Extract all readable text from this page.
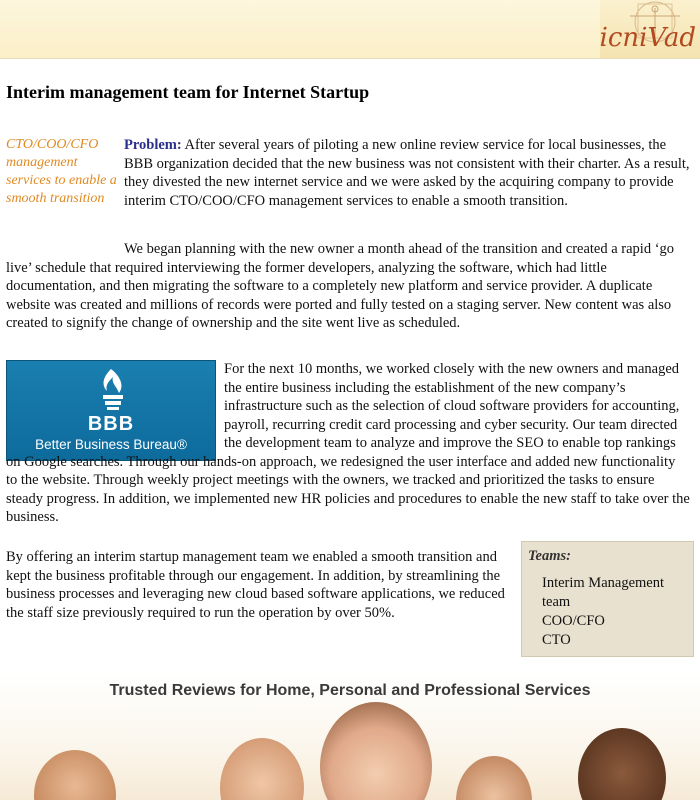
icniVad
Interim management team for Internet Startup
CTO/COO/CFO management services to enable a smooth transition

Problem: After several years of piloting a new online review service for local businesses, the BBB organization decided that the new business was not consistent with their charter. As a result, they divested the new internet service and we were asked by the acquiring company to provide interim CTO/COO/CFO management services to enable a smooth transition.

We began planning with the new owner a month ahead of the transition and created a rapid ‘go live’ schedule that required interviewing the former developers, analyzing the software, which had little documentation, and then migrating the software to a completely new platform and service provider. A duplicate website was created and millions of records were ported and fully tested on a staging server. New content was also created to signify the change of ownership and the site went live as scheduled.

BBB
Better Business Bureau®
For the next 10 months, we worked closely with the new owners and managed the entire business including the establishment of the new company’s infrastructure such as the selection of cloud software providers for accounting, payroll, recurring credit card processing and cyber security. Our team directed the development team to analyze and improve the SEO to enable top rankings on Google searches. Through our hands-on approach, we redesigned the user interface and added new functionality to the website. Through weekly project meetings with the owners, we tracked and prioritized the tasks to ensure steady progress. In addition, we implemented new HR policies and procedures to enable the new staff to take over the business.

By offering an interim startup management team we enabled a smooth transition and kept the business profitable through our engagement. In addition, by streamlining the business processes and leveraging new cloud based software applications, we reduced the staff size previously required to run the operation by over 50%.

Teams:
Interim Management team
COO/CFO
CTO
Trusted Reviews for Home, Personal and Professional Services
